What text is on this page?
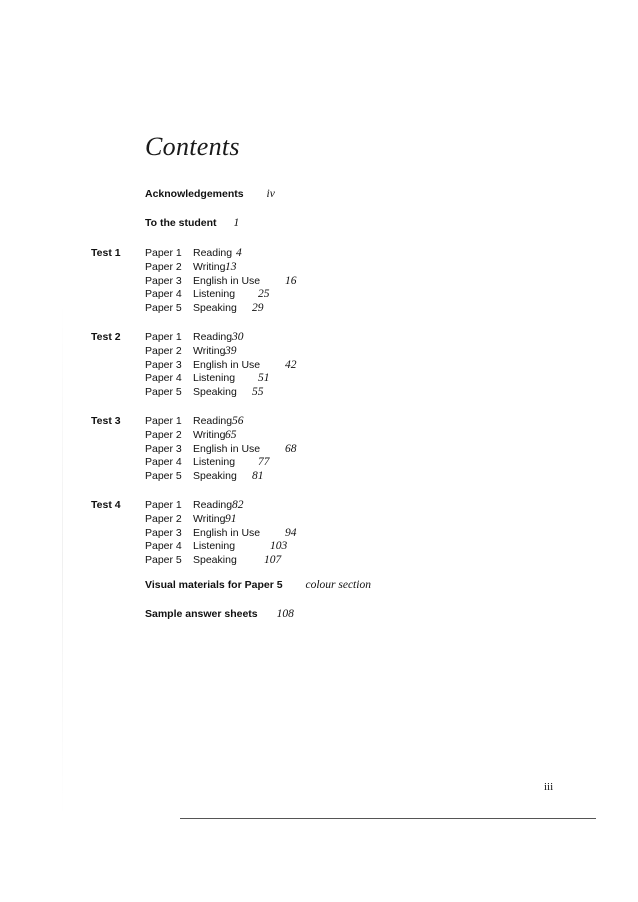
Contents
Acknowledgements iv
To the student 1
Test 1 Paper 1 Reading 4
Paper 2 Writing 13
Paper 3 English in Use 16
Paper 4 Listening 25
Paper 5 Speaking 29
Test 2 Paper 1 Reading 30
Paper 2 Writing 39
Paper 3 English in Use 42
Paper 4 Listening 51
Paper 5 Speaking 55
Test 3 Paper 1 Reading 56
Paper 2 Writing 65
Paper 3 English in Use 68
Paper 4 Listening 77
Paper 5 Speaking 81
Test 4 Paper 1 Reading 82
Paper 2 Writing 91
Paper 3 English in Use 94
Paper 4 Listening	103
Paper 5 Speaking 107
Visual materials for Paper 5 colour section
Sample answer sheets 108
iii
